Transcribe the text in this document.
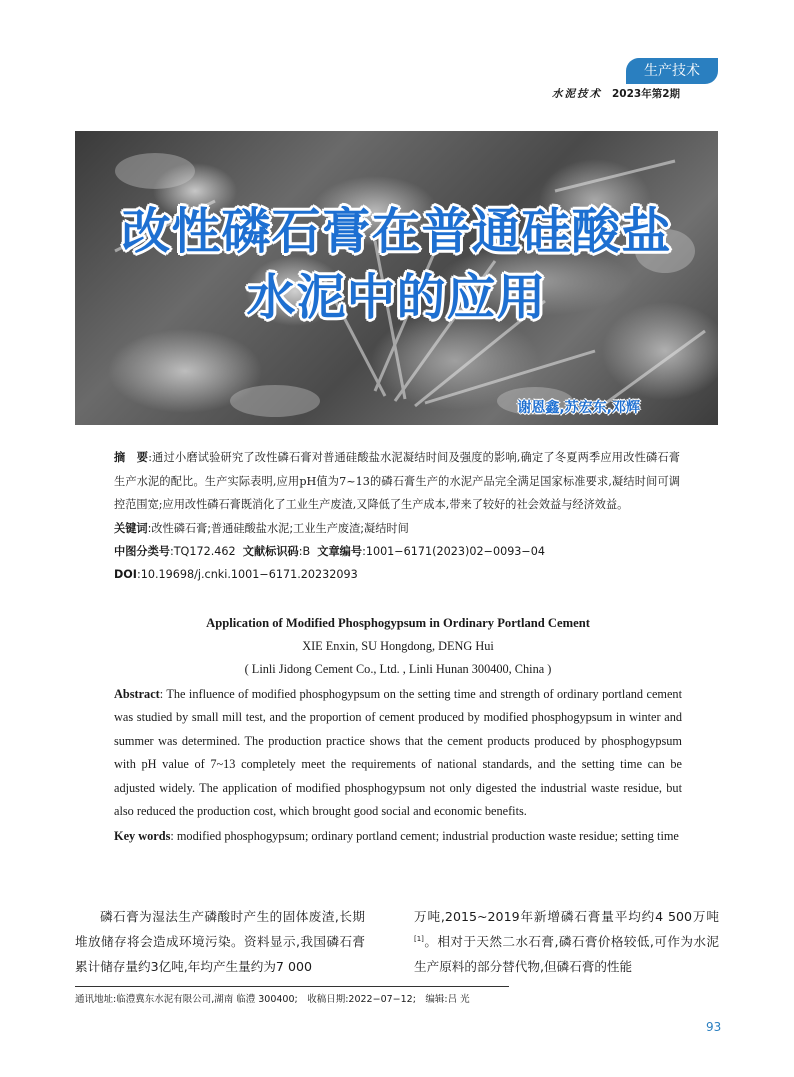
生产技术
水泥技术 2023年第2期
改性磷石膏在普通硅酸盐
水泥中的应用
谢恩鑫,苏宏东,邓辉

摘　要:通过小磨试验研究了改性磷石膏对普通硅酸盐水泥凝结时间及强度的影响,确定了冬夏两季应用改性磷石膏生产水泥的配比。生产实际表明,应用pH值为7~13的磷石膏生产的水泥产品完全满足国家标准要求,凝结时间可调控范围宽;应用改性磷石膏既消化了工业生产废渣,又降低了生产成本,带来了较好的社会效益与经济效益。

关键词:改性磷石膏;普通硅酸盐水泥;工业生产废渣;凝结时间
中图分类号:TQ172.462 文献标识码:B 文章编号:1001−6171(2023)02−0093−04
DOI:10.19698/j.cnki.1001−6171.20232093
Application of Modified Phosphogypsum in Ordinary Portland Cement
XIE Enxin, SU Hongdong, DENG Hui
( Linli Jidong Cement Co., Ltd. , Linli Hunan 300400, China )

Abstract: The influence of modified phosphogypsum on the setting time and strength of ordinary portland cement was studied by small mill test, and the proportion of cement produced by modified phosphogypsum in winter and summer was determined. The production practice shows that the cement products produced by phosphogypsum with pH value of 7~13 completely meet the requirements of national standards, and the setting time can be adjusted widely. The application of modified phosphogypsum not only digested the industrial waste residue, but also reduced the production cost, which brought good social and economic benefits.

Key words: modified phosphogypsum; ordinary portland cement; industrial production waste residue; setting time

磷石膏为湿法生产磷酸时产生的固体废渣,长期堆放储存将会造成环境污染。资料显示,我国磷石膏累计储存量约3亿吨,年均产生量约为7 000
万吨,2015~2019年新增磷石膏量平均约4 500万吨[1]。相对于天然二水石膏,磷石膏价格较低,可作为水泥生产原料的部分替代物,但磷石膏的性能
通讯地址:临澧冀东水泥有限公司,湖南 临澧 300400;　收稿日期:2022−07−12;　编辑:吕 光
93
